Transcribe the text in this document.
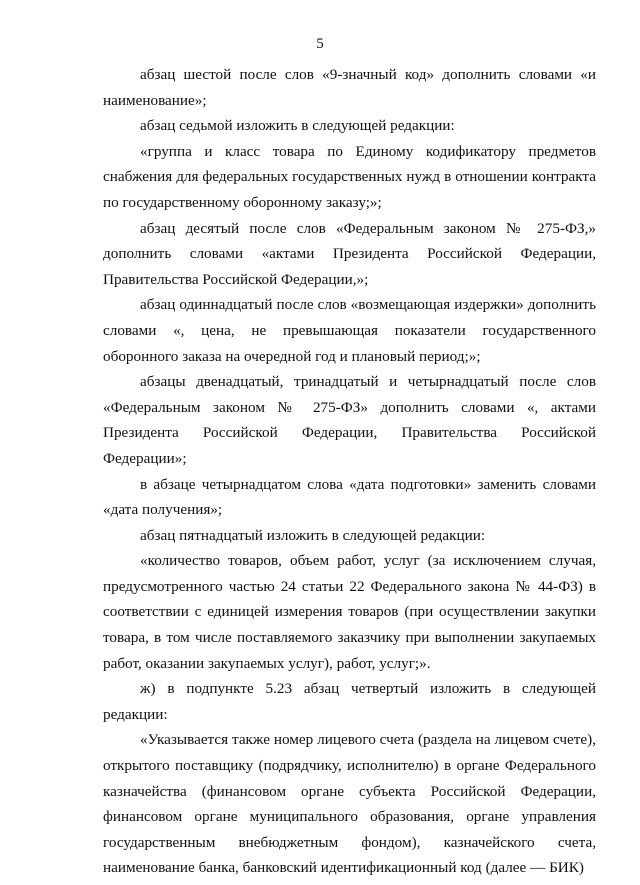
5

абзац шестой после слов «9-значный код» дополнить словами «и наименование»;

абзац седьмой изложить в следующей редакции:

«группа и класс товара по Единому кодификатору предметов снабжения для федеральных государственных нужд в отношении контракта по государственному оборонному заказу;»;

абзац десятый после слов «Федеральным законом № 275-ФЗ,» дополнить словами «актами Президента Российской Федерации, Правительства Российской Федерации,»;

абзац одиннадцатый после слов «возмещающая издержки» дополнить словами «, цена, не превышающая показатели государственного оборонного заказа на очередной год и плановый период;»;

абзацы двенадцатый, тринадцатый и четырнадцатый после слов «Федеральным законом № 275-ФЗ» дополнить словами «, актами Президента Российской Федерации, Правительства Российской Федерации»;

в абзаце четырнадцатом слова «дата подготовки» заменить словами «дата получения»;

абзац пятнадцатый изложить в следующей редакции:

«количество товаров, объем работ, услуг (за исключением случая, предусмотренного частью 24 статьи 22 Федерального закона № 44-ФЗ) в соответствии с единицей измерения товаров (при осуществлении закупки товара, в том числе поставляемого заказчику при выполнении закупаемых работ, оказании закупаемых услуг), работ, услуг;».

ж) в подпункте 5.23 абзац четвертый изложить в следующей редакции:

«Указывается также номер лицевого счета (раздела на лицевом счете), открытого поставщику (подрядчику, исполнителю) в органе Федерального казначейства (финансовом органе субъекта Российской Федерации, финансовом органе муниципального образования, органе управления государственным внебюджетным фондом), казначейского счета, наименование банка, банковский идентификационный код (далее — БИК)
